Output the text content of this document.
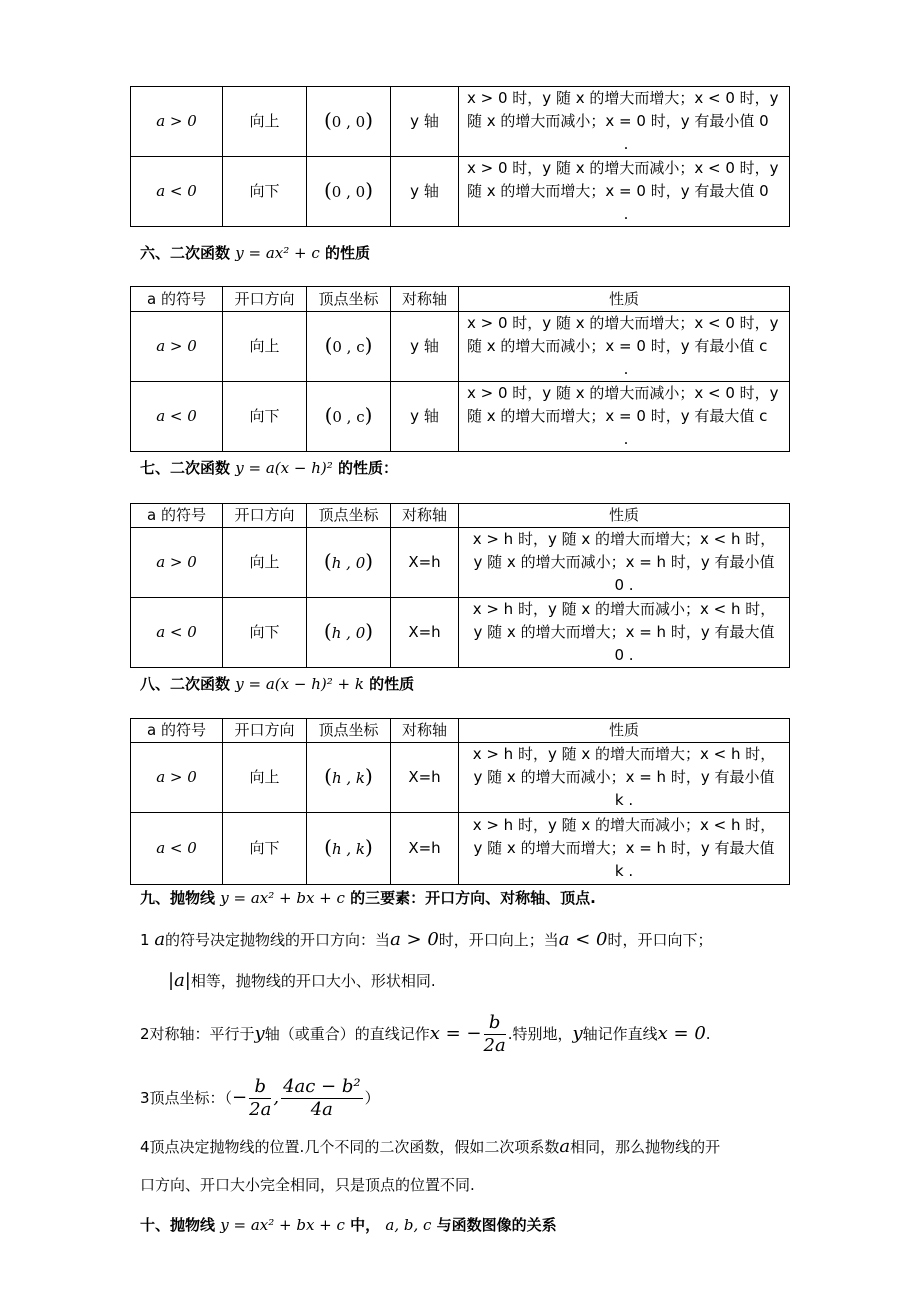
a > 0	向上	(0 , 0)	y 轴	x > 0 时，y 随 x 的增大而增大；x < 0 时，y
随 x 的增大而减小；x = 0 时，y 有最小值 0
.

a < 0	向下	(0 , 0)	y 轴	x > 0 时，y 随 x 的增大而减小；x < 0 时，y
随 x 的增大而增大；x = 0 时，y 有最大值 0
.
六、二次函数 y = ax² + c 的性质
a 的符号	开口方向	顶点坐标	对称轴	性质
a > 0	向上	(0 , c)	y 轴	x > 0 时，y 随 x 的增大而增大；x < 0 时，y
随 x 的增大而减小；x = 0 时，y 有最小值 c
.

a < 0	向下	(0 , c)	y 轴	x > 0 时，y 随 x 的增大而减小；x < 0 时，y
随 x 的增大而增大；x = 0 时，y 有最大值 c
.
七、二次函数 y = a(x − h)² 的性质：
a 的符号	开口方向	顶点坐标	对称轴	性质
a > 0	向上	(h , 0)	X=h	x > h 时，y 随 x 的增大而增大；x < h 时，
y 随 x 的增大而减小；x = h 时，y 有最小值
0 .

a < 0	向下	(h , 0)	X=h	x > h 时，y 随 x 的增大而减小；x < h 时，
y 随 x 的增大而增大；x = h 时，y 有最大值
0 .
八、二次函数 y = a(x − h)² + k 的性质
a 的符号	开口方向	顶点坐标	对称轴	性质
a > 0	向上	(h , k)	X=h	x > h 时，y 随 x 的增大而增大；x < h 时，
y 随 x 的增大而减小；x = h 时，y 有最小值
k .

a < 0	向下	(h , k)	X=h	x > h 时，y 随 x 的增大而减小；x < h 时，
y 随 x 的增大而增大；x = h 时，y 有最大值
k .
九、抛物线 y = ax² + bx + c 的三要素：开口方向、对称轴、顶点.
1 a的符号决定抛物线的开口方向：当a > 0时，开口向上；当a < 0时，开口向下；
|a|相等，抛物线的开口大小、形状相同.
2对称轴：平行于y轴（或重合）的直线记作x = − $\frac{b}{2a}$ .特别地，y轴记作直线x = 0.
3顶点坐标：（− $\frac{b}{2a}$ , $\frac{\text{4ac − b²}}{4a}$ ）
4顶点决定抛物线的位置.几个不同的二次函数，假如二次项系数a相同，那么抛物线的开
口方向、开口大小完全相同，只是顶点的位置不同.
十、抛物线 y = ax² + bx + c 中， a, b, c 与函数图像的关系
